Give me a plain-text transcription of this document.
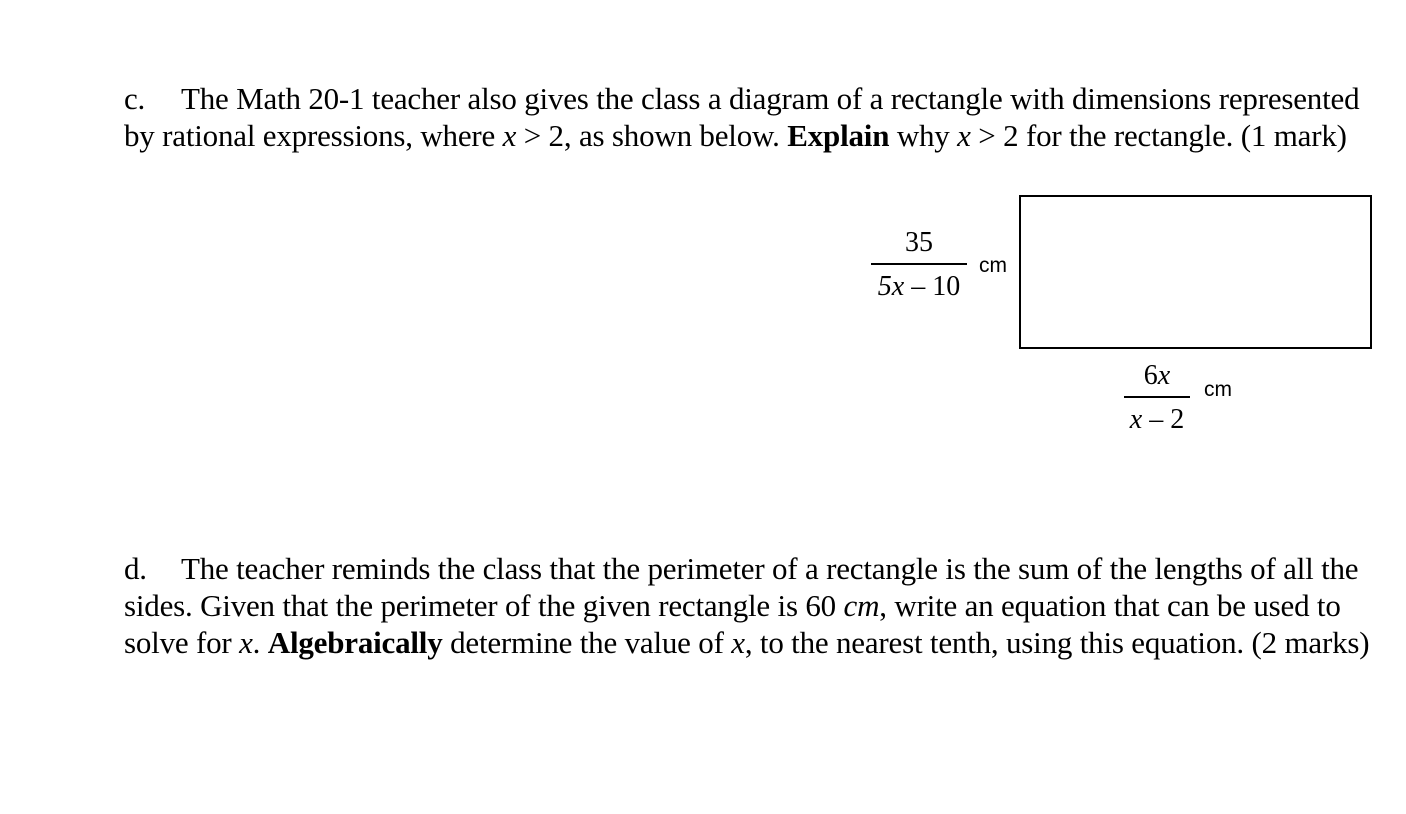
c. The Math 20-1 teacher also gives the class a diagram of a rectangle with dimensions represented by rational expressions, where x > 2, as shown below. Explain why x > 2 for the rectangle. (1 mark)
35
5x – 10
cm
6x
x – 2
cm
d. The teacher reminds the class that the perimeter of a rectangle is the sum of the lengths of all the sides. Given that the perimeter of the given rectangle is 60 cm, write an equation that can be used to solve for x. Algebraically determine the value of x, to the nearest tenth, using this equation. (2 marks)
